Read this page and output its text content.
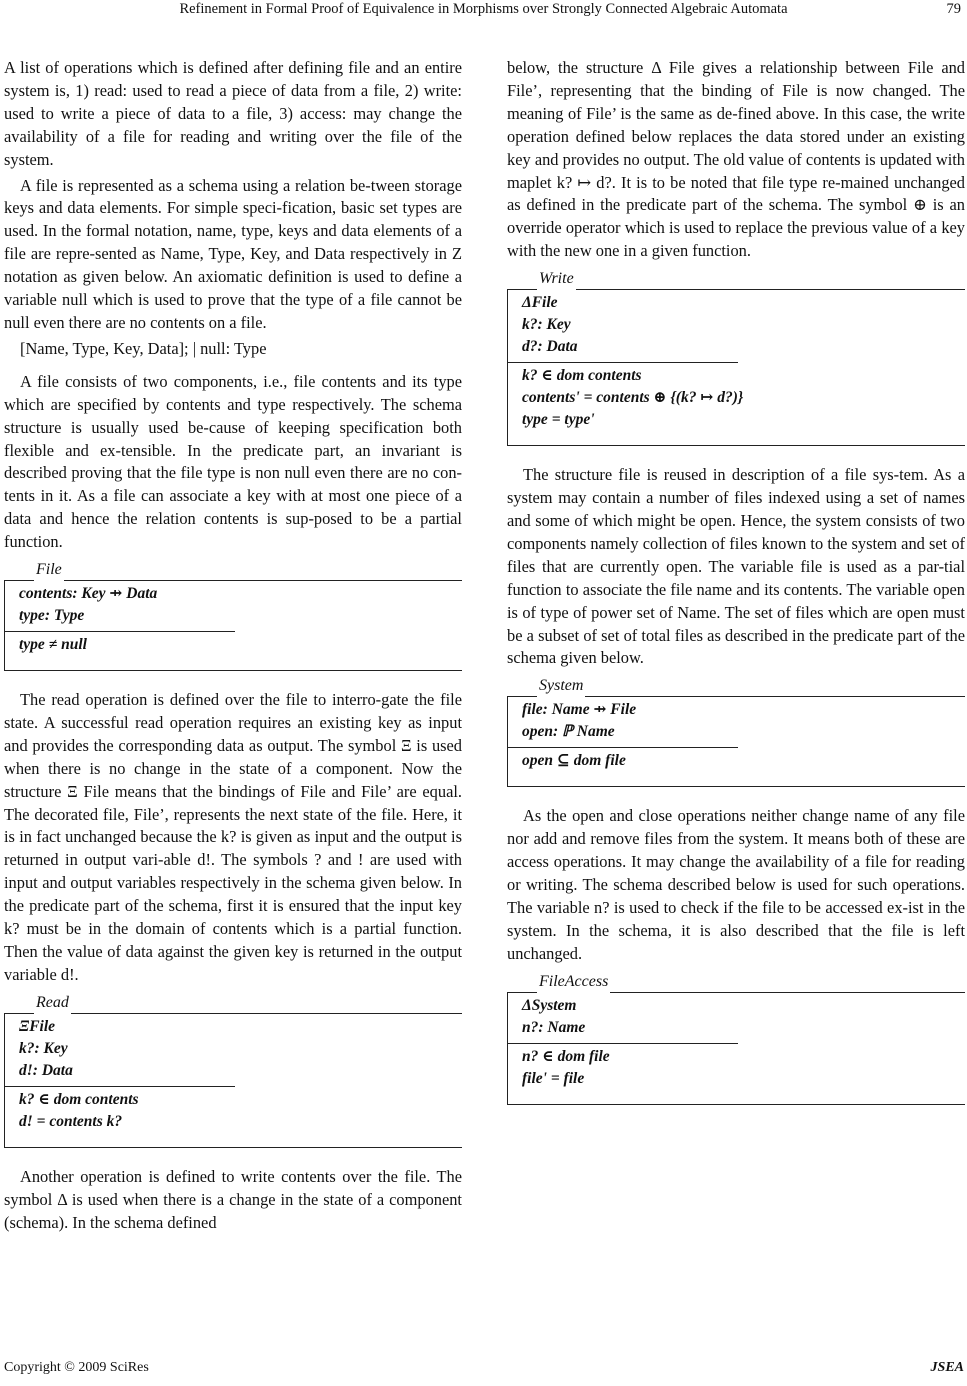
Refinement in Formal Proof of Equivalence in Morphisms over Strongly Connected Algebraic Automata	79

A list of operations which is defined after defining file and an entire system is, 1) read: used to read a piece of data from a file, 2) write: used to write a piece of data to a file, 3) access: may change the availability of a file for reading and writing over the file of the system.

A file is represented as a schema using a relation be-tween storage keys and data elements. For simple speci-fication, basic set types are used. In the formal notation, name, type, keys and data elements of a file are repre-sented as Name, Type, Key, and Data respectively in Z notation as given below. An axiomatic definition is used to define a variable null which is used to prove that the type of a file cannot be null even there are no contents on a file.

[Name, Type, Key, Data]; | null: Type

A file consists of two components, i.e., file contents and its type which are specified by contents and type respectively. The schema structure is usually used be-cause of keeping specification both flexible and ex-tensible. In the predicate part, an invariant is described proving that the file type is non null even there are no con-tents in it. As a file can associate a key with at most one piece of a data and hence the relation contents is sup-posed to be a partial function.

File
contents: Key ⇸ Data
type: Type
type ≠ null

The read operation is defined over the file to interro-gate the file state. A successful read operation requires an existing key as input and provides the corresponding data as output. The symbol Ξ is used when there is no change in the state of a component. Now the structure Ξ File means that the bindings of File and File’ are equal. The decorated file, File’, represents the next state of the file. Here, it is in fact unchanged because the k? is given as input and the output is returned in output vari-able d!. The symbols ? and ! are used with input and output variables respectively in the schema given below. In the predicate part of the schema, first it is ensured that the input key k? must be in the domain of contents which is a partial function. Then the value of data against the given key is returned in the output variable d!.

Read
ΞFile
k?: Key
d!: Data
k? ∈ dom contents
d! = contents k?

Another operation is defined to write contents over the file. The symbol Δ is used when there is a change in the state of a component (schema). In the schema defined

below, the structure Δ File gives a relationship between File and File’, representing that the binding of File is now changed. The meaning of File’ is the same as de-fined above. In this case, the write operation defined below replaces the data stored under an existing key and provides no output. The old value of contents is updated with maplet k? ↦ d?. It is to be noted that file type re-mained unchanged as defined in the predicate part of the schema. The symbol ⊕ is an override operator which is used to replace the previous value of a key with the new one in a given function.

Write
ΔFile
k?: Key
d?: Data
k? ∈ dom contents
contents' = contents ⊕ {(k? ↦ d?)}
type = type'

The structure file is reused in description of a file sys-tem. As a system may contain a number of files indexed using a set of names and some of which might be open. Hence, the system consists of two components namely collection of files known to the system and set of files that are currently open. The variable file is used as a par-tial function to associate the file name and its contents. The variable open is of type of power set of Name. The set of files which are open must be a subset of set of total files as described in the predicate part of the schema given below.

System
file: Name ⇸ File
open: ℙ Name
open ⊆ dom file

As the open and close operations neither change name of any file nor add and remove files from the system. It means both of these are access operations. It may change the availability of a file for reading or writing. The schema described below is used for such operations. The variable n? is used to check if the file to be accessed ex-ist in the system. In the schema, it is also described that the file is left unchanged.

FileAccess
ΔSystem
n?: Name
n? ∈ dom file
file' = file
Copyright © 2009 SciRes	JSEA
